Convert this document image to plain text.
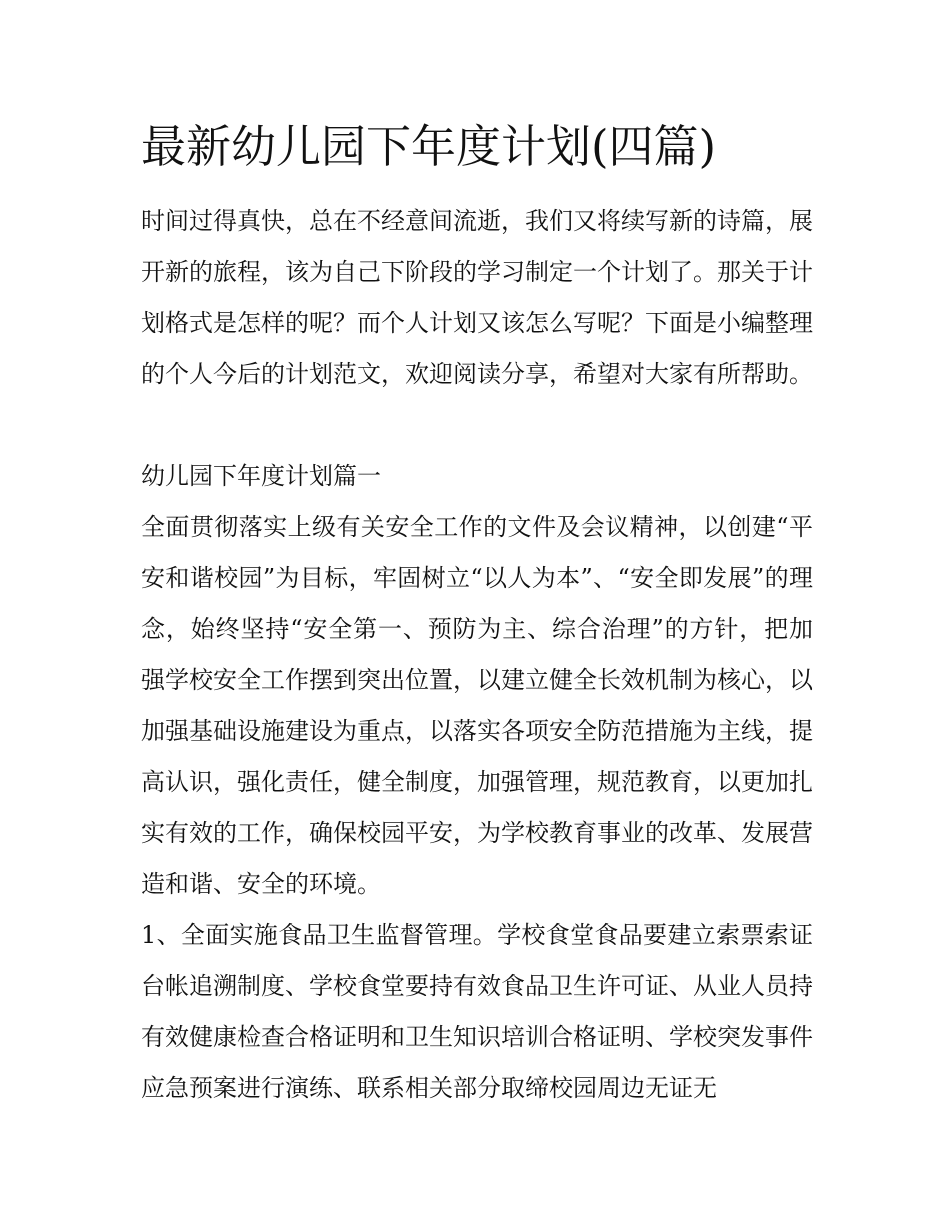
最新幼儿园下年度计划(四篇)

时间过得真快，总在不经意间流逝，我们又将续写新的诗篇，展开新的旅程，该为自己下阶段的学习制定一个计划了。那关于计划格式是怎样的呢？而个人计划又该怎么写呢？下面是小编整理的个人今后的计划范文，欢迎阅读分享，希望对大家有所帮助。

幼儿园下年度计划篇一

全面贯彻落实上级有关安全工作的文件及会议精神，以创建“平安和谐校园”为目标，牢固树立“以人为本”、“安全即发展”的理念，始终坚持“安全第一、预防为主、综合治理”的方针，把加强学校安全工作摆到突出位置，以建立健全长效机制为核心，以加强基础设施建设为重点，以落实各项安全防范措施为主线，提高认识，强化责任，健全制度，加强管理，规范教育，以更加扎实有效的工作，确保校园平安，为学校教育事业的改革、发展营造和谐、安全的环境。

1、全面实施食品卫生监督管理。学校食堂食品要建立索票索证台帐追溯制度、学校食堂要持有效食品卫生许可证、从业人员持有效健康检查合格证明和卫生知识培训合格证明、学校突发事件应急预案进行演练、联系相关部分取缔校园周边无证无
